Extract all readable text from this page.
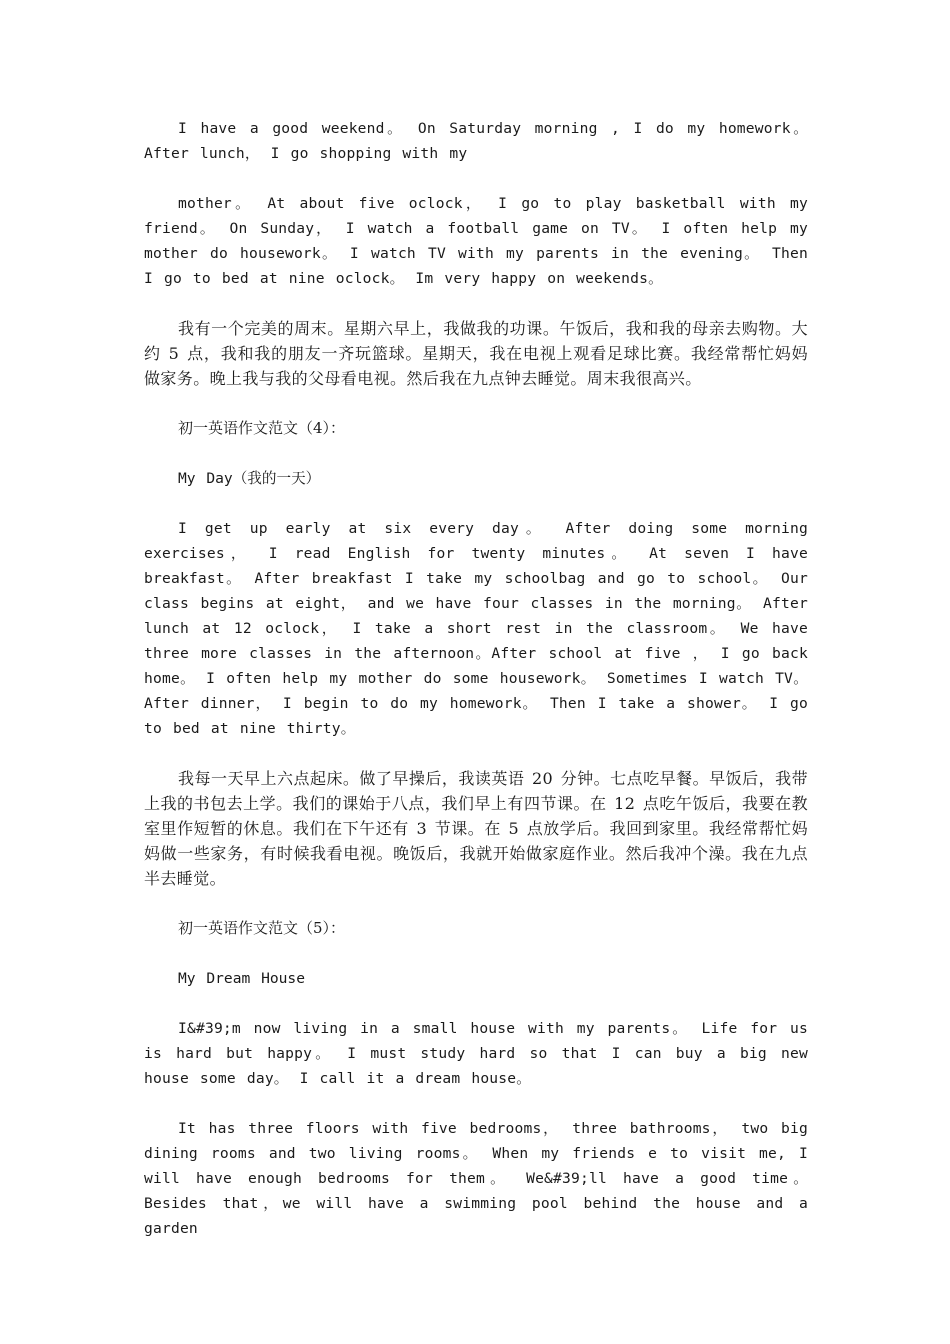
I have a good weekend。 On Saturday morning , I do my homework。 After lunch， I go shopping with my

mother。 At about five oclock， I go to play basketball with my friend。 On Sunday， I watch a football game on TV。 I often help my mother do housework。 I watch TV with my parents in the evening。 Then I go to bed at nine oclock。 Im very happy on weekends。

我有一个完美的周末。星期六早上，我做我的功课。午饭后，我和我的母亲去购物。大约 5 点，我和我的朋友一齐玩篮球。星期天，我在电视上观看足球比赛。我经常帮忙妈妈做家务。晚上我与我的父母看电视。然后我在九点钟去睡觉。周末我很高兴。

初一英语作文范文（4）：

My Day（我的一天）

I get up early at six every day。 After doing some morning exercises， I read English for twenty minutes。 At seven I have breakfast。 After breakfast I take my schoolbag and go to school。 Our class begins at eight， and we have four classes in the morning。 After lunch at 12 oclock， I take a short rest in the classroom。 We have three more classes in the afternoon。After school at five ， I go back home。 I often help my mother do some housework。 Sometimes I watch TV。 After dinner， I begin to do my homework。 Then I take a shower。 I go to bed at nine thirty。

我每一天早上六点起床。做了早操后，我读英语 20 分钟。七点吃早餐。早饭后，我带上我的书包去上学。我们的课始于八点，我们早上有四节课。在 12 点吃午饭后，我要在教室里作短暂的休息。我们在下午还有 3 节课。在 5 点放学后。我回到家里。我经常帮忙妈妈做一些家务，有时候我看电视。晚饭后，我就开始做家庭作业。然后我冲个澡。我在九点半去睡觉。

初一英语作文范文（5）：

My Dream House

I&#39;m now living in a small house with my parents。 Life for us is hard but happy。 I must study hard so that I can buy a big new house some day。 I call it a dream house。

It has three floors with five bedrooms， three bathrooms， two big dining rooms and two living rooms。 When my friends e to visit me, I will have enough bedrooms for them。 We&#39;ll have a good time。 Besides that，we will have a swimming pool behind the house and a garden
